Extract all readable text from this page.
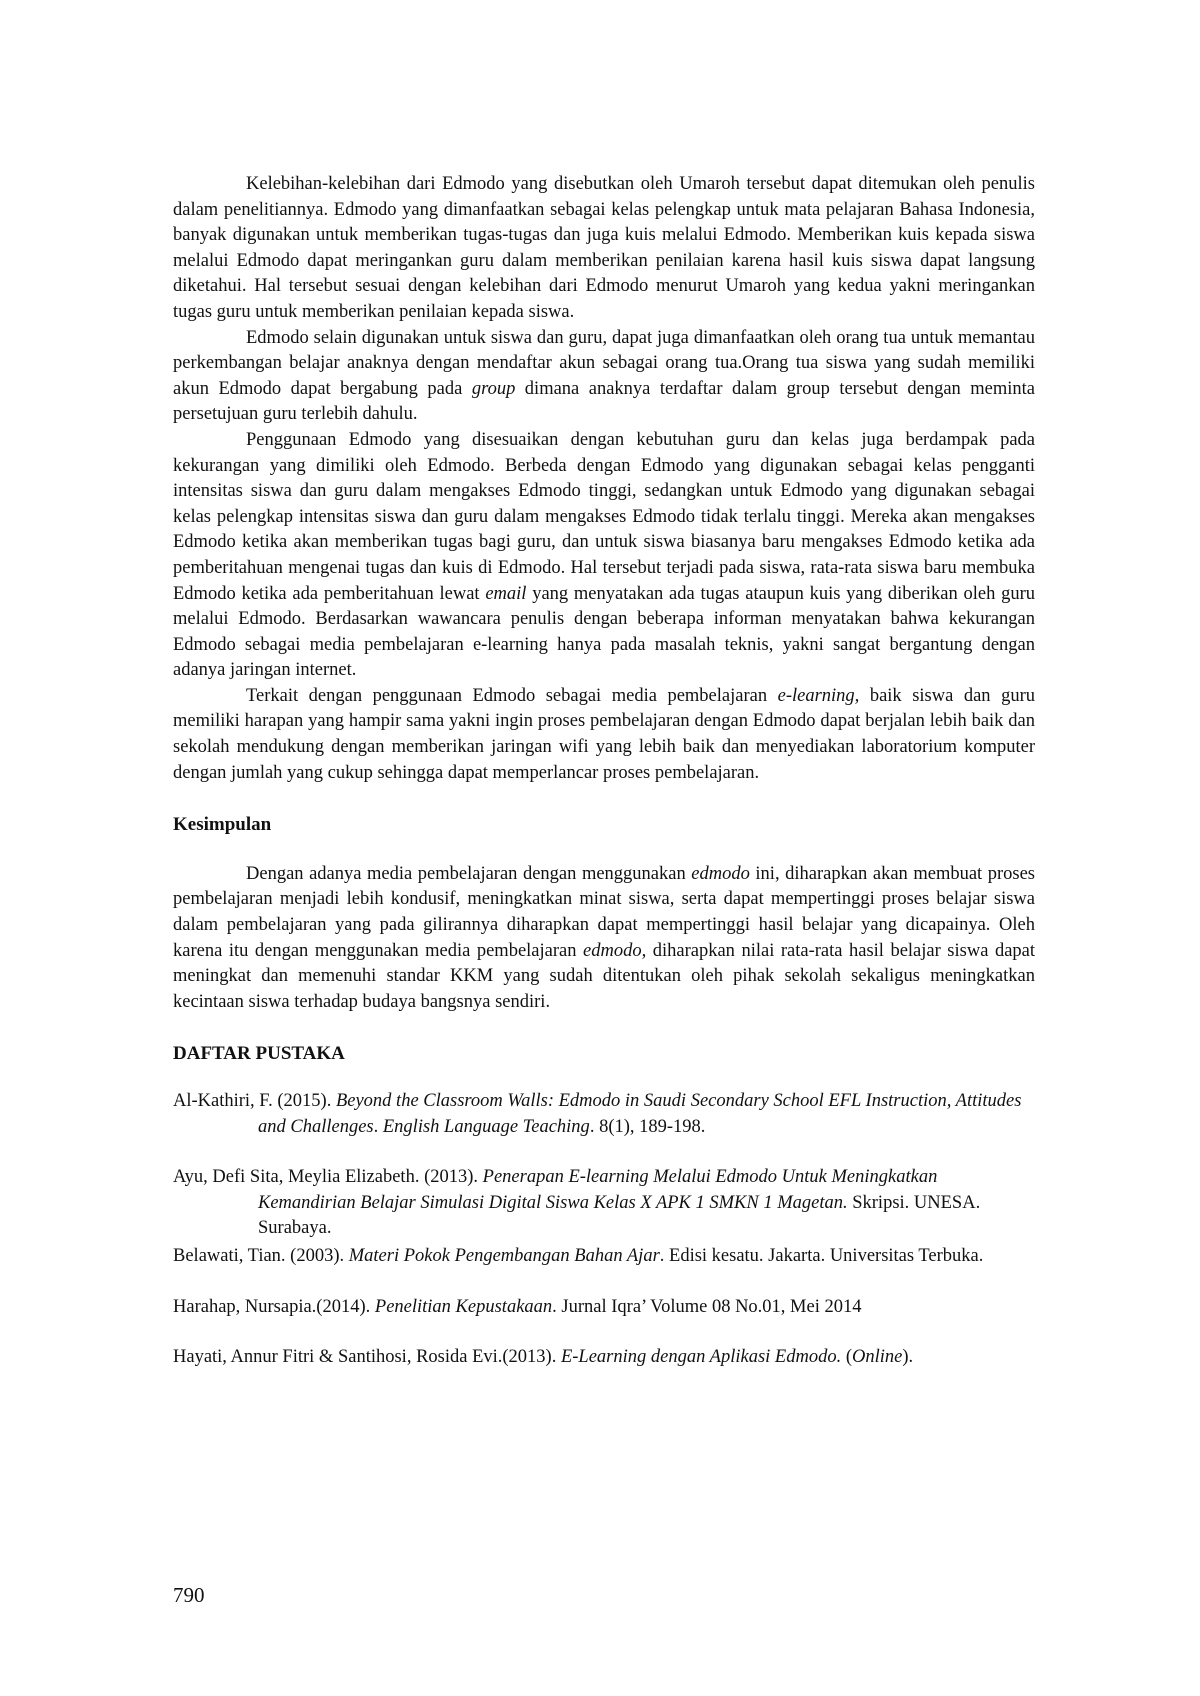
Kelebihan-kelebihan dari Edmodo yang disebutkan oleh Umaroh tersebut dapat ditemukan oleh penulis dalam penelitiannya. Edmodo yang dimanfaatkan sebagai kelas pelengkap untuk mata pelajaran Bahasa Indonesia, banyak digunakan untuk memberikan tugas-tugas dan juga kuis melalui Edmodo. Memberikan kuis kepada siswa melalui Edmodo dapat meringankan guru dalam memberikan penilaian karena hasil kuis siswa dapat langsung diketahui. Hal tersebut sesuai dengan kelebihan dari Edmodo menurut Umaroh yang kedua yakni meringankan tugas guru untuk memberikan penilaian kepada siswa.

Edmodo selain digunakan untuk siswa dan guru, dapat juga dimanfaatkan oleh orang tua untuk memantau perkembangan belajar anaknya dengan mendaftar akun sebagai orang tua.Orang tua siswa yang sudah memiliki akun Edmodo dapat bergabung pada group dimana anaknya terdaftar dalam group tersebut dengan meminta persetujuan guru terlebih dahulu.

Penggunaan Edmodo yang disesuaikan dengan kebutuhan guru dan kelas juga berdampak pada kekurangan yang dimiliki oleh Edmodo. Berbeda dengan Edmodo yang digunakan sebagai kelas pengganti intensitas siswa dan guru dalam mengakses Edmodo tinggi, sedangkan untuk Edmodo yang digunakan sebagai kelas pelengkap intensitas siswa dan guru dalam mengakses Edmodo tidak terlalu tinggi. Mereka akan mengakses Edmodo ketika akan memberikan tugas bagi guru, dan untuk siswa biasanya baru mengakses Edmodo ketika ada pemberitahuan mengenai tugas dan kuis di Edmodo. Hal tersebut terjadi pada siswa, rata-rata siswa baru membuka Edmodo ketika ada pemberitahuan lewat email yang menyatakan ada tugas ataupun kuis yang diberikan oleh guru melalui Edmodo. Berdasarkan wawancara penulis dengan beberapa informan menyatakan bahwa kekurangan Edmodo sebagai media pembelajaran e-learning hanya pada masalah teknis, yakni sangat bergantung dengan adanya jaringan internet.

Terkait dengan penggunaan Edmodo sebagai media pembelajaran e-learning, baik siswa dan guru memiliki harapan yang hampir sama yakni ingin proses pembelajaran dengan Edmodo dapat berjalan lebih baik dan sekolah mendukung dengan memberikan jaringan wifi yang lebih baik dan menyediakan laboratorium komputer dengan jumlah yang cukup sehingga dapat memperlancar proses pembelajaran.

Kesimpulan

Dengan adanya media pembelajaran dengan menggunakan edmodo ini, diharapkan akan membuat proses pembelajaran menjadi lebih kondusif, meningkatkan minat siswa, serta dapat mempertinggi proses belajar siswa dalam pembelajaran yang pada gilirannya diharapkan dapat mempertinggi hasil belajar yang dicapainya. Oleh karena itu dengan menggunakan media pembelajaran edmodo, diharapkan nilai rata-rata hasil belajar siswa dapat meningkat dan memenuhi standar KKM yang sudah ditentukan oleh pihak sekolah sekaligus meningkatkan kecintaan siswa terhadap budaya bangsnya sendiri.

DAFTAR PUSTAKA

Al-Kathiri, F. (2015). Beyond the Classroom Walls: Edmodo in Saudi Secondary School EFL Instruction, Attitudes and Challenges. English Language Teaching. 8(1), 189-198.

Ayu, Defi Sita, Meylia Elizabeth. (2013). Penerapan E-learning Melalui Edmodo Untuk Meningkatkan Kemandirian Belajar Simulasi Digital Siswa Kelas X APK 1 SMKN 1 Magetan. Skripsi. UNESA. Surabaya.

Belawati, Tian. (2003). Materi Pokok Pengembangan Bahan Ajar. Edisi kesatu. Jakarta. Universitas Terbuka.

Harahap, Nursapia.(2014). Penelitian Kepustakaan. Jurnal Iqra’ Volume 08 No.01, Mei 2014

Hayati, Annur Fitri & Santihosi, Rosida Evi.(2013). E-Learning dengan Aplikasi Edmodo. (Online).

790
